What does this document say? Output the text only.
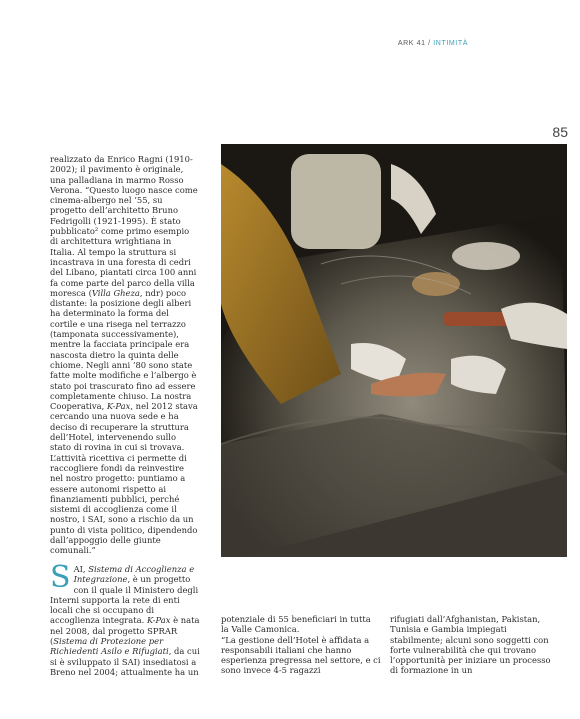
ARK 41 / INTIMITÀ
85

realizzato da Enrico Ragni (1910-2002); il pavimento è originale, una palladiana in marmo Rosso Verona. “Questo luogo nasce come cinema-albergo nel ’55, su progetto dell’architetto Bruno Fedrigolli (1921-1995). È stato pubblicato² come primo esempio di architettura wrightiana in Italia. Al tempo la struttura si incastrava in una foresta di cedri del Libano, piantati circa 100 anni fa come parte del parco della villa moresca (Villa Gheza, ndr) poco distante: la posizione degli alberi ha determinato la forma del cortile e una risega nel terrazzo (tamponata successivamente), mentre la facciata principale era nascosta dietro la quinta delle chiome. Negli anni ’80 sono state fatte molte modifiche e l’albergo è stato poi trascurato fino ad essere completamente chiuso. La nostra Cooperativa, K-Pax, nel 2012 stava cercando una nuova sede e ha deciso di recuperare la struttura dell’Hotel, intervenendo sullo stato di rovina in cui si trovava.

L’attività ricettiva ci permette di raccogliere fondi da reinvestire nel nostro progetto: puntiamo a essere autonomi rispetto ai finanziamenti pubblici, perché sistemi di accoglienza come il nostro, i SAI, sono a rischio da un punto di vista politico, dipendendo dall’appoggio delle giunte comunali.”

SAI, Sistema di Accoglienza e Integrazione, è un progetto con il quale il Ministero degli Interni supporta la rete di enti locali che si occupano di accoglienza integrata. K-Pax è nata nel 2008, dal progetto SPRAR (Sistema di Protezione per Richiedenti Asilo e Rifugiati, da cui si è sviluppato il SAI) insediatosi a Breno nel 2004; attualmente ha un
potenziale di 55 beneficiari in tutta la Valle Camonica.
“La gestione dell’Hotel è affidata a responsabili italiani che hanno esperienza pregressa nel settore, e ci sono invece 4-5 ragazzi
rifugiati dall’Afghanistan, Pakistan, Tunisia e Gambia impiegati stabilmente; alcuni sono soggetti con forte vulnerabilità che qui trovano l’opportunità per iniziare un processo di formazione in un
